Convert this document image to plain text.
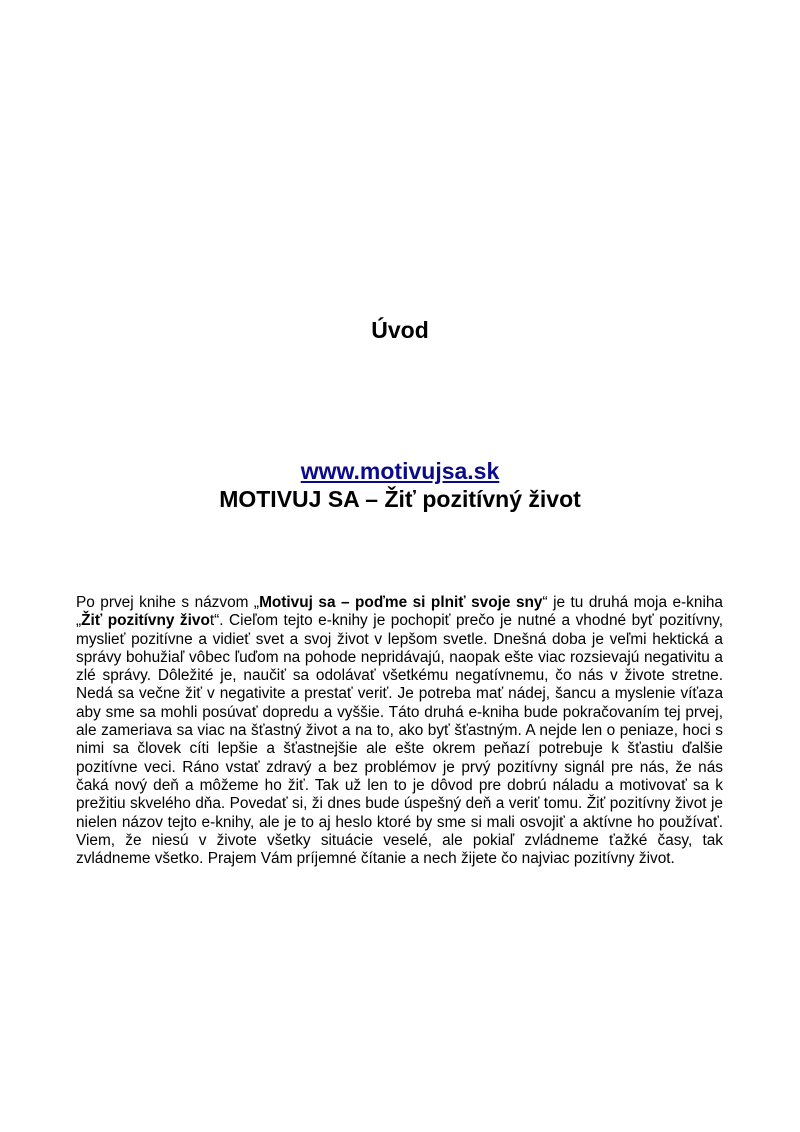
Úvod
www.motivujsa.sk
MOTIVUJ SA – Žiť pozitívný život

Po prvej knihe s názvom „Motivuj sa – poďme si plniť svoje sny“ je tu druhá moja e-kniha „Žiť pozitívny život“. Cieľom tejto e-knihy je pochopiť prečo je nutné a vhodné byť pozitívny, myslieť pozitívne a vidieť svet a svoj život v lepšom svetle. Dnešná doba je veľmi hektická a správy bohužiaľ vôbec ľuďom na pohode nepridávajú, naopak ešte viac rozsievajú negativitu a zlé správy. Dôležité je, naučiť sa odolávať všetkému negatívnemu, čo nás v živote stretne. Nedá sa večne žiť v negativite a prestať veriť. Je potreba mať nádej, šancu a myslenie víťaza aby sme sa mohli posúvať dopredu a vyššie. Táto druhá e-kniha bude pokračovaním tej prvej, ale zameriava sa viac na šťastný život a na to, ako byť šťastným. A nejde len o peniaze, hoci s nimi sa človek cíti lepšie a šťastnejšie ale ešte okrem peňazí potrebuje k šťastiu ďalšie pozitívne veci. Ráno vstať zdravý a bez problémov je prvý pozitívny signál pre nás, že nás čaká nový deň a môžeme ho žiť. Tak už len to je dôvod pre dobrú náladu a motivovať sa k prežitiu skvelého dňa. Povedať si, ži dnes bude úspešný deň a veriť tomu. Žiť pozitívny život je nielen názov tejto e-knihy, ale je to aj heslo ktoré by sme si mali osvojiť a aktívne ho používať. Viem, že niesú v živote všetky situácie veselé, ale pokiaľ zvládneme ťažké časy, tak zvládneme všetko. Prajem Vám príjemné čítanie a nech žijete čo najviac pozitívny život.
